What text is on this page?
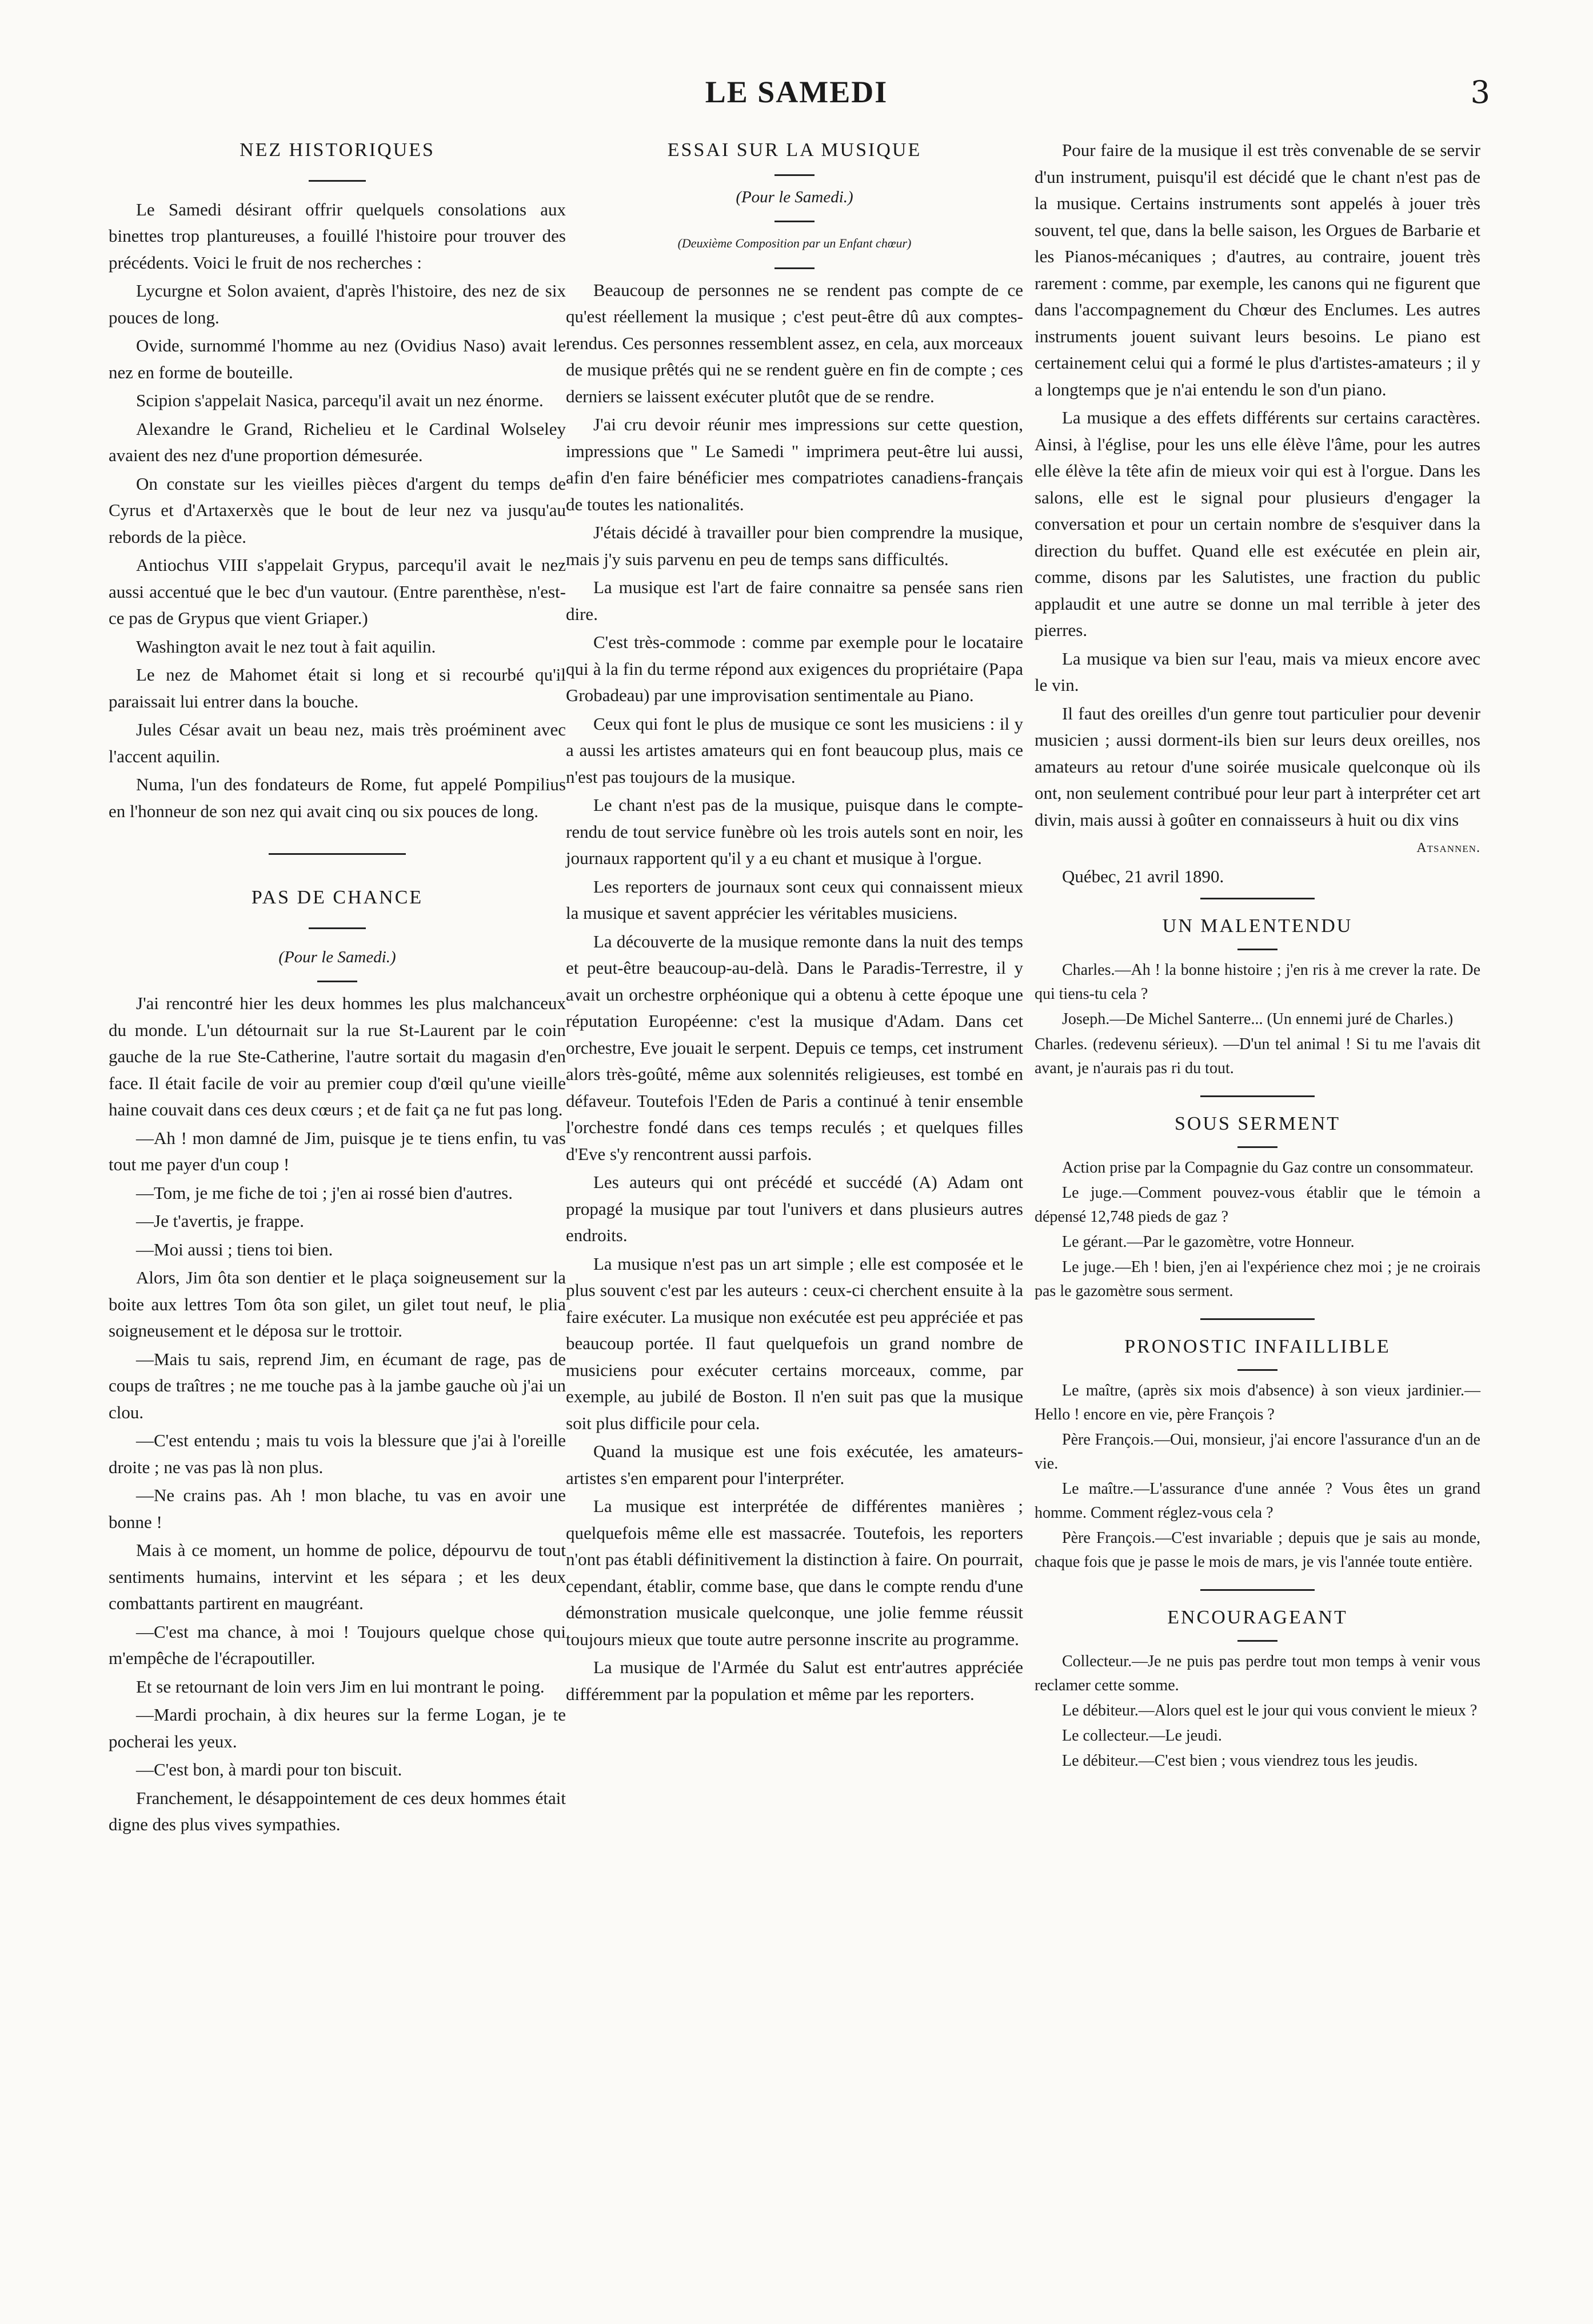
LE SAMEDI	3
NEZ HISTORIQUES

Le Samedi désirant offrir quelquels consolations aux binettes trop plantureuses, a fouillé l'histoire pour trouver des précédents. Voici le fruit de nos recherches :

Lycurgne et Solon avaient, d'après l'histoire, des nez de six pouces de long.

Ovide, surnommé l'homme au nez (Ovidius Naso) avait le nez en forme de bouteille.

Scipion s'appelait Nasica, parcequ'il avait un nez énorme.

Alexandre le Grand, Richelieu et le Cardinal Wolseley avaient des nez d'une proportion démesurée.

On constate sur les vieilles pièces d'argent du temps de Cyrus et d'Artaxerxès que le bout de leur nez va jusqu'au rebords de la pièce.

Antiochus VIII s'appelait Grypus, parcequ'il avait le nez aussi accentué que le bec d'un vautour. (Entre parenthèse, n'est-ce pas de Grypus que vient Griaper.)

Washington avait le nez tout à fait aquilin.

Le nez de Mahomet était si long et si recourbé qu'il paraissait lui entrer dans la bouche.

Jules César avait un beau nez, mais très proéminent avec l'accent aquilin.

Numa, l'un des fondateurs de Rome, fut appelé Pompilius en l'honneur de son nez qui avait cinq ou six pouces de long.

PAS DE CHANCE

(Pour le Samedi.)

J'ai rencontré hier les deux hommes les plus malchanceux du monde. L'un détournait sur la rue St-Laurent par le coin gauche de la rue Ste-Catherine, l'autre sortait du magasin d'en face. Il était facile de voir au premier coup d'œil qu'une vieille haine couvait dans ces deux cœurs ; et de fait ça ne fut pas long.

—Ah ! mon damné de Jim, puisque je te tiens enfin, tu vas tout me payer d'un coup !

—Tom, je me fiche de toi ; j'en ai rossé bien d'autres.

—Je t'avertis, je frappe.

—Moi aussi ; tiens toi bien.

Alors, Jim ôta son dentier et le plaça soigneusement sur la boite aux lettres Tom ôta son gilet, un gilet tout neuf, le plia soigneusement et le déposa sur le trottoir.

—Mais tu sais, reprend Jim, en écumant de rage, pas de coups de traîtres ; ne me touche pas à la jambe gauche où j'ai un clou.

—C'est entendu ; mais tu vois la blessure que j'ai à l'oreille droite ; ne vas pas là non plus.

—Ne crains pas. Ah ! mon blache, tu vas en avoir une bonne !

Mais à ce moment, un homme de police, dépourvu de tout sentiments humains, intervint et les sépara ; et les deux combattants partirent en maugréant.

—C'est ma chance, à moi ! Toujours quelque chose qui m'empêche de l'écrapoutiller.

Et se retournant de loin vers Jim en lui montrant le poing.

—Mardi prochain, à dix heures sur la ferme Logan, je te pocherai les yeux.

—C'est bon, à mardi pour ton biscuit.

Franchement, le désappointement de ces deux hommes était digne des plus vives sympathies.

ESSAI SUR LA MUSIQUE

(Pour le Samedi.)

(Deuxième Composition par un Enfant chœur)

Beaucoup de personnes ne se rendent pas compte de ce qu'est réellement la musique ; c'est peut-être dû aux comptes-rendus. Ces personnes ressemblent assez, en cela, aux morceaux de musique prêtés qui ne se rendent guère en fin de compte ; ces derniers se laissent exécuter plutôt que de se rendre.

J'ai cru devoir réunir mes impressions sur cette question, impressions que " Le Samedi " imprimera peut-être lui aussi, afin d'en faire bénéficier mes compatriotes canadiens-français de toutes les nationalités.

J'étais décidé à travailler pour bien comprendre la musique, mais j'y suis parvenu en peu de temps sans difficultés.

La musique est l'art de faire connaitre sa pensée sans rien dire.

C'est très-commode : comme par exemple pour le locataire qui à la fin du terme répond aux exigences du propriétaire (Papa Grobadeau) par une improvisation sentimentale au Piano.

Ceux qui font le plus de musique ce sont les musiciens : il y a aussi les artistes amateurs qui en font beaucoup plus, mais ce n'est pas toujours de la musique.

Le chant n'est pas de la musique, puisque dans le compte-rendu de tout service funèbre où les trois autels sont en noir, les journaux rapportent qu'il y a eu chant et musique à l'orgue.

Les reporters de journaux sont ceux qui connaissent mieux la musique et savent apprécier les véritables musiciens.

La découverte de la musique remonte dans la nuit des temps et peut-être beaucoup-au-delà. Dans le Paradis-Terrestre, il y avait un orchestre orphéonique qui a obtenu à cette époque une réputation Européenne: c'est la musique d'Adam. Dans cet orchestre, Eve jouait le serpent. Depuis ce temps, cet instrument alors très-goûté, même aux solennités religieuses, est tombé en défaveur. Toutefois l'Eden de Paris a continué à tenir ensemble l'orchestre fondé dans ces temps reculés ; et quelques filles d'Eve s'y rencontrent aussi parfois.

Les auteurs qui ont précédé et succédé (A) Adam ont propagé la musique par tout l'univers et dans plusieurs autres endroits.

La musique n'est pas un art simple ; elle est composée et le plus souvent c'est par les auteurs : ceux-ci cherchent ensuite à la faire exécuter. La musique non exécutée est peu appréciée et pas beaucoup portée. Il faut quelquefois un grand nombre de musiciens pour exécuter certains morceaux, comme, par exemple, au jubilé de Boston. Il n'en suit pas que la musique soit plus difficile pour cela.

Quand la musique est une fois exécutée, les amateurs-artistes s'en emparent pour l'interpréter.

La musique est interprétée de différentes manières ; quelquefois même elle est massacrée. Toutefois, les reporters n'ont pas établi définitivement la distinction à faire. On pourrait, cependant, établir, comme base, que dans le compte rendu d'une démonstration musicale quelconque, une jolie femme réussit toujours mieux que toute autre personne inscrite au programme.

La musique de l'Armée du Salut est entr'autres appréciée différemment par la population et même par les reporters.

Pour faire de la musique il est très convenable de se servir d'un instrument, puisqu'il est décidé que le chant n'est pas de la musique. Certains instruments sont appelés à jouer très souvent, tel que, dans la belle saison, les Orgues de Barbarie et les Pianos-mécaniques ; d'autres, au contraire, jouent très rarement : comme, par exemple, les canons qui ne figurent que dans l'accompagnement du Chœur des Enclumes. Les autres instruments jouent suivant leurs besoins. Le piano est certainement celui qui a formé le plus d'artistes-amateurs ; il y a longtemps que je n'ai entendu le son d'un piano.

La musique a des effets différents sur certains caractères. Ainsi, à l'église, pour les uns elle élève l'âme, pour les autres elle élève la tête afin de mieux voir qui est à l'orgue. Dans les salons, elle est le signal pour plusieurs d'engager la conversation et pour un certain nombre de s'esquiver dans la direction du buffet. Quand elle est exécutée en plein air, comme, disons par les Salutistes, une fraction du public applaudit et une autre se donne un mal terrible à jeter des pierres.

La musique va bien sur l'eau, mais va mieux encore avec le vin.

Il faut des oreilles d'un genre tout particulier pour devenir musicien ; aussi dorment-ils bien sur leurs deux oreilles, nos amateurs au retour d'une soirée musicale quelconque où ils ont, non seulement contribué pour leur part à interpréter cet art divin, mais aussi à goûter en connaisseurs à huit ou dix vins

Atsannen.

Québec, 21 avril 1890.

UN MALENTENDU

Charles.—Ah ! la bonne histoire ; j'en ris à me crever la rate. De qui tiens-tu cela ?

Joseph.—De Michel Santerre... (Un ennemi juré de Charles.)

Charles. (redevenu sérieux). —D'un tel animal ! Si tu me l'avais dit avant, je n'aurais pas ri du tout.

SOUS SERMENT

Action prise par la Compagnie du Gaz contre un consommateur.

Le juge.—Comment pouvez-vous établir que le témoin a dépensé 12,748 pieds de gaz ?

Le gérant.—Par le gazomètre, votre Honneur.

Le juge.—Eh ! bien, j'en ai l'expérience chez moi ; je ne croirais pas le gazomètre sous serment.

PRONOSTIC INFAILLIBLE

Le maître, (après six mois d'absence) à son vieux jardinier.—Hello ! encore en vie, père François ?

Père François.—Oui, monsieur, j'ai encore l'assurance d'un an de vie.

Le maître.—L'assurance d'une année ? Vous êtes un grand homme. Comment réglez-vous cela ?

Père François.—C'est invariable ; depuis que je sais au monde, chaque fois que je passe le mois de mars, je vis l'année toute entière.

ENCOURAGEANT

Collecteur.—Je ne puis pas perdre tout mon temps à venir vous reclamer cette somme.

Le débiteur.—Alors quel est le jour qui vous convient le mieux ?

Le collecteur.—Le jeudi.

Le débiteur.—C'est bien ; vous viendrez tous les jeudis.
